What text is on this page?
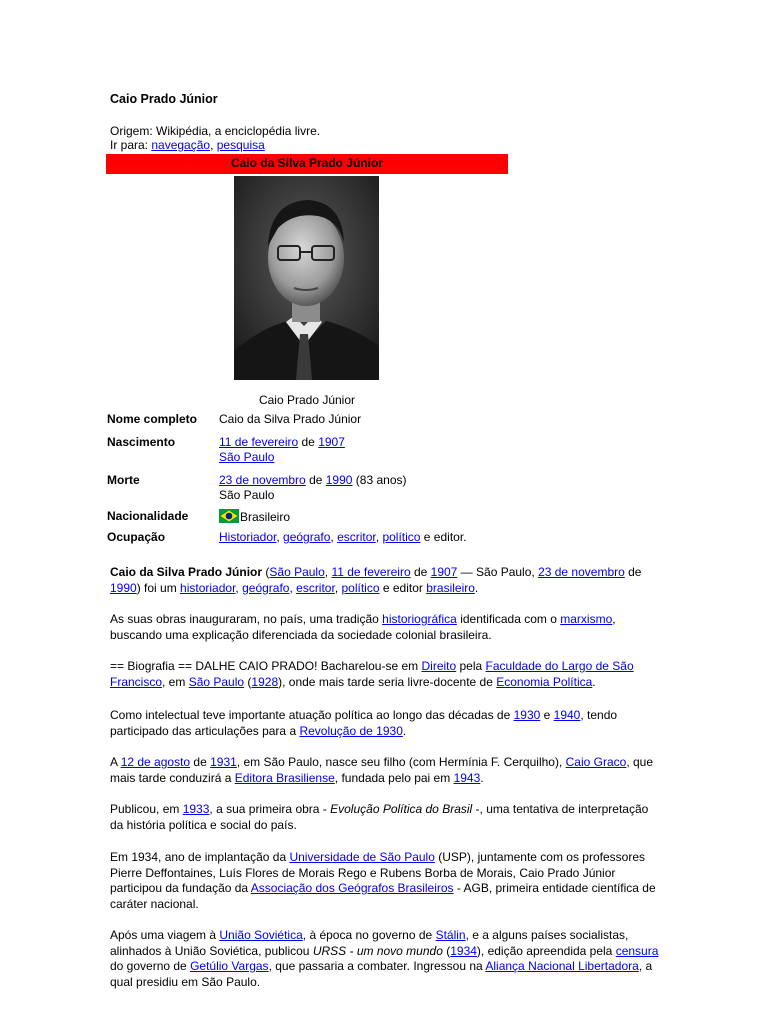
Caio Prado Júnior
Origem: Wikipédia, a enciclopédia livre.
Ir para: navegação, pesquisa
Caio da Silva Prado Júnior
Caio Prado Júnior
Nome completo	Caio da Silva Prado Júnior
Nascimento	11 de fevereiro de 1907
São Paulo
Morte	23 de novembro de 1990 (83 anos)
São Paulo
Nacionalidade	Brasileiro
Ocupação	Historiador, geógrafo, escritor, político e editor.

Caio da Silva Prado Júnior (São Paulo, 11 de fevereiro de 1907 — São Paulo, 23 de novembro de 1990) foi um historiador, geógrafo, escritor, político e editor brasileiro.

As suas obras inauguraram, no país, uma tradição historiográfica identificada com o marxismo, buscando uma explicação diferenciada da sociedade colonial brasileira.

== Biografia == DALHE CAIO PRADO! Bacharelou-se em Direito pela Faculdade do Largo de São Francisco, em São Paulo (1928), onde mais tarde seria livre-docente de Economia Política.

Como intelectual teve importante atuação política ao longo das décadas de 1930 e 1940, tendo participado das articulações para a Revolução de 1930.

A 12 de agosto de 1931, em São Paulo, nasce seu filho (com Hermínia F. Cerquilho), Caio Graco, que mais tarde conduzirá a Editora Brasiliense, fundada pelo pai em 1943.

Publicou, em 1933, a sua primeira obra - Evolução Política do Brasil -, uma tentativa de interpretação da história política e social do país.

Em 1934, ano de implantação da Universidade de São Paulo (USP), juntamente com os professores Pierre Deffontaines, Luís Flores de Morais Rego e Rubens Borba de Morais, Caio Prado Júnior participou da fundação da Associação dos Geógrafos Brasileiros - AGB, primeira entidade científica de caráter nacional.

Após uma viagem à União Soviética, à época no governo de Stálin, e a alguns países socialistas, alinhados à União Soviética, publicou URSS - um novo mundo (1934), edição apreendida pela censura do governo de Getúlio Vargas, que passaria a combater. Ingressou na Aliança Nacional Libertadora, a qual presidiu em São Paulo.
